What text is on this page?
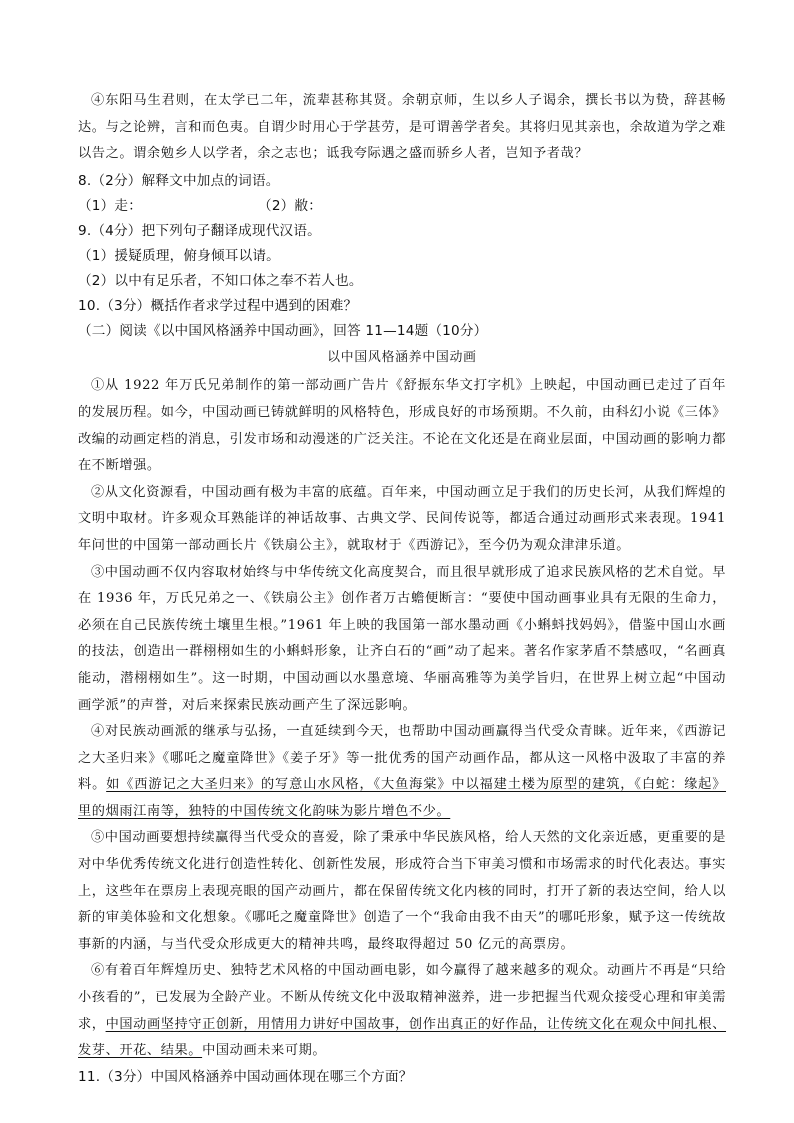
④东阳马生君则，在太学已二年，流辈甚称其贤。余朝京师，生以乡人子谒余，撰长书以为贽，辞甚畅达。与之论辨，言和而色夷。自谓少时用心于学甚劳，是可谓善学者矣。其将归见其亲也，余故道为学之难以告之。谓余勉乡人以学者，余之志也；诋我夸际遇之盛而骄乡人者，岂知予者哉？

8.（2分）解释文中加点的词语。

（1）走：	（2）敝：

9.（4分）把下列句子翻译成现代汉语。

（1）援疑质理，俯身倾耳以请。

（2）以中有足乐者，不知口体之奉不若人也。

10.（3分）概括作者求学过程中遇到的困难？

（二）阅读《以中国风格涵养中国动画》，回答 11—14题（10分）

以中国风格涵养中国动画

①从 1922 年万氏兄弟制作的第一部动画广告片《舒振东华文打字机》上映起，中国动画已走过了百年的发展历程。如今，中国动画已铸就鲜明的风格特色，形成良好的市场预期。不久前，由科幻小说《三体》改编的动画定档的消息，引发市场和动漫迷的广泛关注。不论在文化还是在商业层面，中国动画的影响力都在不断增强。

②从文化资源看，中国动画有极为丰富的底蕴。百年来，中国动画立足于我们的历史长河，从我们辉煌的文明中取材。许多观众耳熟能详的神话故事、古典文学、民间传说等，都适合通过动画形式来表现。1941 年问世的中国第一部动画长片《铁扇公主》，就取材于《西游记》，至今仍为观众津津乐道。

③中国动画不仅内容取材始终与中华传统文化高度契合，而且很早就形成了追求民族风格的艺术自觉。早在 1936 年，万氏兄弟之一、《铁扇公主》创作者万古蟾便断言：“要使中国动画事业具有无限的生命力，必须在自己民族传统土壤里生根。”1961 年上映的我国第一部水墨动画《小蝌蚪找妈妈》，借鉴中国山水画的技法，创造出一群栩栩如生的小蝌蚪形象，让齐白石的“画”动了起来。著名作家茅盾不禁感叹，“名画真能动，潜栩栩如生”。这一时期，中国动画以水墨意境、华丽高雅等为美学旨归，在世界上树立起“中国动画学派”的声誉，对后来探索民族动画产生了深远影响。

④对民族动画派的继承与弘扬，一直延续到今天，也帮助中国动画赢得当代受众青睐。近年来，《西游记之大圣归来》《哪吒之魔童降世》《姜子牙》等一批优秀的国产动画作品，都从这一风格中汲取了丰富的养料。如《西游记之大圣归来》的写意山水风格，《大鱼海棠》中以福建土楼为原型的建筑，《白蛇：缘起》里的烟雨江南等，独特的中国传统文化韵味为影片增色不少。

⑤中国动画要想持续赢得当代受众的喜爱，除了秉承中华民族风格，给人天然的文化亲近感，更重要的是对中华优秀传统文化进行创造性转化、创新性发展，形成符合当下审美习惯和市场需求的时代化表达。事实上，这些年在票房上表现亮眼的国产动画片，都在保留传统文化内核的同时，打开了新的表达空间，给人以新的审美体验和文化想象。《哪吒之魔童降世》创造了一个“我命由我不由天”的哪吒形象，赋予这一传统故事新的内涵，与当代受众形成更大的精神共鸣，最终取得超过 50 亿元的高票房。

⑥有着百年辉煌历史、独特艺术风格的中国动画电影，如今赢得了越来越多的观众。动画片不再是“只给小孩看的”，已发展为全龄产业。不断从传统文化中汲取精神滋养，进一步把握当代观众接受心理和审美需求，中国动画坚持守正创新，用情用力讲好中国故事，创作出真正的好作品，让传统文化在观众中间扎根、发芽、开花、结果。中国动画未来可期。

11.（3分）中国风格涵养中国动画体现在哪三个方面？
